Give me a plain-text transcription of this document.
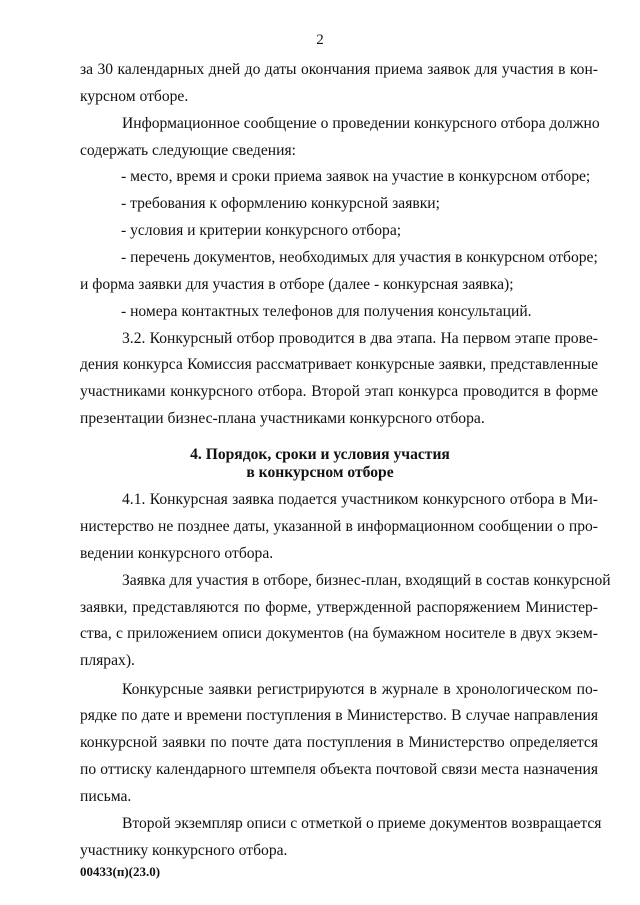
2
за 30 календарных дней до даты окончания приема заявок для участия в кон-
курсном отборе.
Информационное сообщение о проведении конкурсного отбора должно
содержать следующие сведения:
- место, время и сроки приема заявок на участие в конкурсном отборе;
- требования к оформлению конкурсной заявки;
- условия и критерии конкурсного отбора;
- перечень документов, необходимых для участия в конкурсном отборе;
и форма заявки для участия в отборе (далее - конкурсная заявка);
- номера контактных телефонов для получения консультаций.
3.2. Конкурсный отбор проводится в два этапа. На первом этапе прове-
дения конкурса Комиссия рассматривает конкурсные заявки, представленные
участниками конкурсного отбора. Второй этап конкурса проводится в форме
презентации бизнес-плана участниками конкурсного отбора.
4. Порядок, сроки и условия участия
в конкурсном отборе
4.1. Конкурсная заявка подается участником конкурсного отбора в Ми-
нистерство не позднее даты, указанной в информационном сообщении о про-
ведении конкурсного отбора.
Заявка для участия в отборе, бизнес-план, входящий в состав конкурсной
заявки, представляются по форме, утвержденной распоряжением Министер-
ства, с приложением описи документов (на бумажном носителе в двух экзем-
плярах).
Конкурсные заявки регистрируются в журнале в хронологическом по-
рядке по дате и времени поступления в Министерство. В случае направления
конкурсной заявки по почте дата поступления в Министерство определяется
по оттиску календарного штемпеля объекта почтовой связи места назначения
письма.
Второй экземпляр описи с отметкой о приеме документов возвращается
участнику конкурсного отбора.
00433(п)(23.0)
